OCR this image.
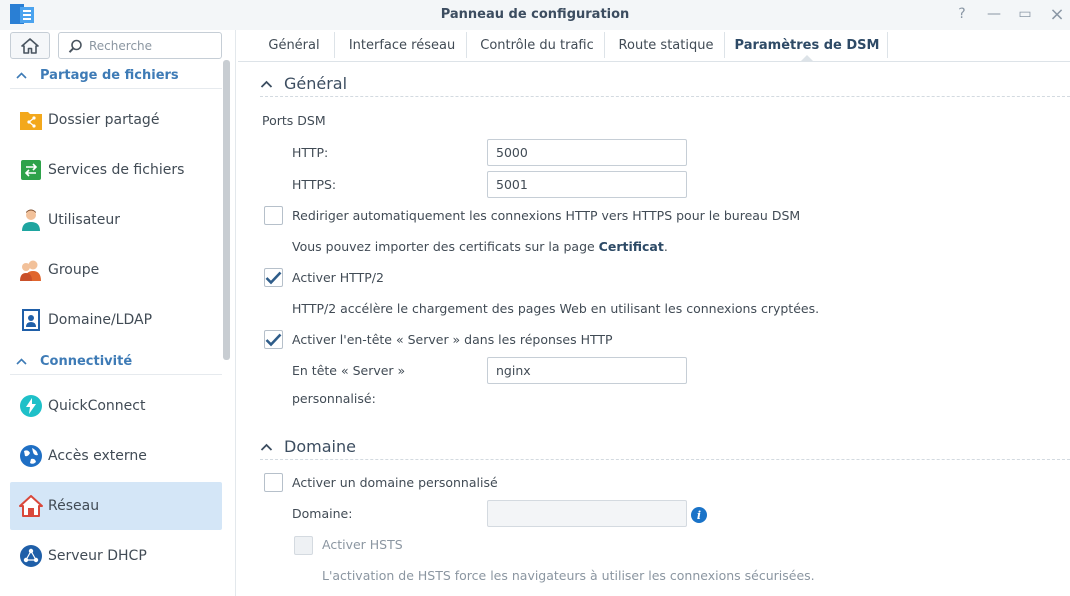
Panneau de configuration	? — ▭ ×
Recherche
Partage de fichiers
Dossier partagé
Services de fichiers
Utilisateur
Groupe
Domaine/LDAP
Connectivité
QuickConnect
Accès externe
Réseau
Serveur DHCP
Général Interface réseau Contrôle du trafic Route statique Paramètres de DSM
Général
Ports DSM
HTTP:
5000
HTTPS:
5001
Rediriger automatiquement les connexions HTTP vers HTTPS pour le bureau DSM
Vous pouvez importer des certificats sur la page Certificat.
Activer HTTP/2
HTTP/2 accélère le chargement des pages Web en utilisant les connexions cryptées.
Activer l'en-tête « Server » dans les réponses HTTP
En tête « Server »
personnalisé:
nginx
Domaine
Activer un domaine personnalisé
Domaine:	i
Activer HSTS
L'activation de HSTS force les navigateurs à utiliser les connexions sécurisées.
